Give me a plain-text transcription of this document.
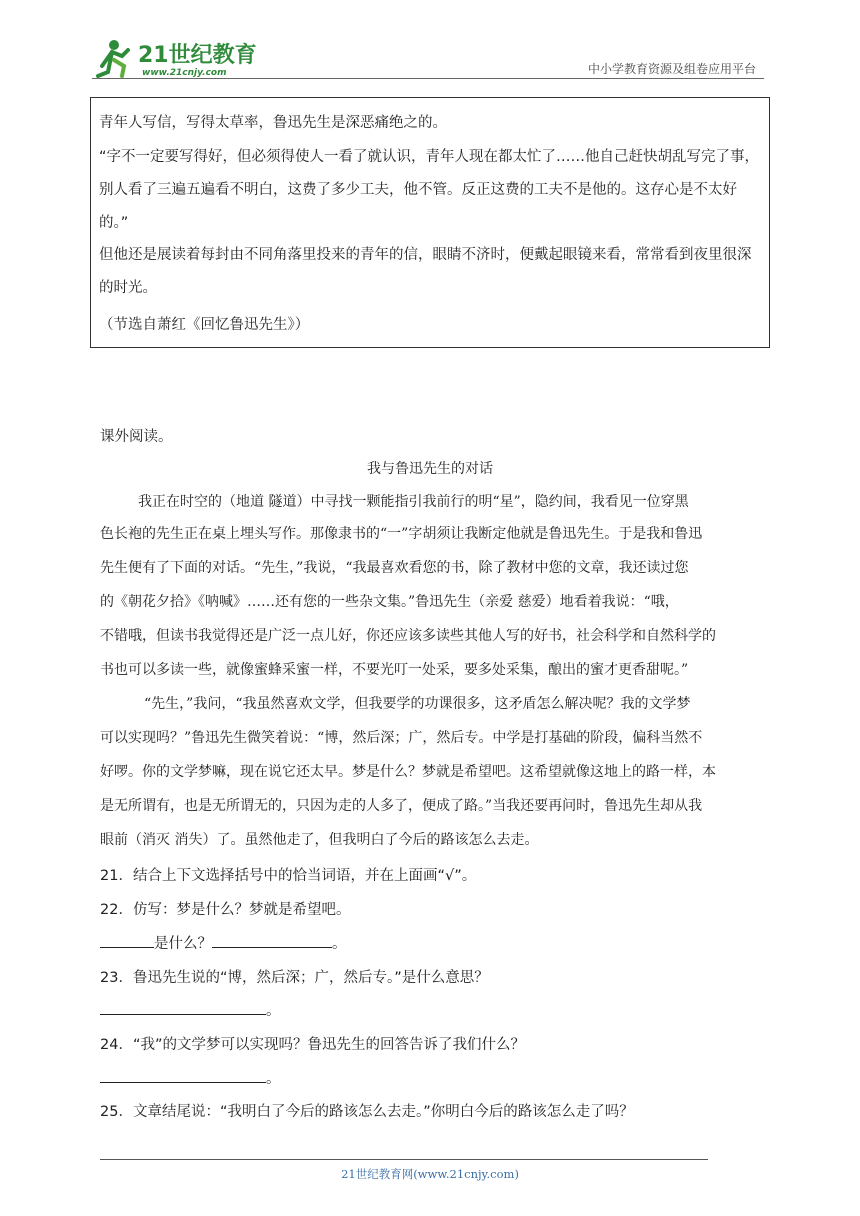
21世纪教育
www.21cnjy.com	中小学教育资源及组卷应用平台

青年人写信，写得太草率，鲁迅先生是深恶痛绝之的。

“字不一定要写得好，但必须得使人一看了就认识，青年人现在都太忙了……他自己赶快胡乱写完了事，别人看了三遍五遍看不明白，这费了多少工夫，他不管。反正这费的工夫不是他的。这存心是不太好的。”

但他还是展读着每封由不同角落里投来的青年的信，眼睛不济时，便戴起眼镜来看，常常看到夜里很深的时光。

（节选自萧红《回忆鲁迅先生》）

课外阅读。
我与鲁迅先生的对话
我正在时空的（地道 隧道）中寻找一颗能指引我前行的明“星”，隐约间，我看见一位穿黑
色长袍的先生正在桌上埋头写作。那像隶书的“一”字胡须让我断定他就是鲁迅先生。于是我和鲁迅
先生便有了下面的对话。“先生，”我说，“我最喜欢看您的书，除了教材中您的文章，我还读过您
的《朝花夕拾》《呐喊》……还有您的一些杂文集。”鲁迅先生（亲爱 慈爱）地看着我说：“哦，
不错哦，但读书我觉得还是广泛一点儿好，你还应该多读些其他人写的好书，社会科学和自然科学的
书也可以多读一些，就像蜜蜂采蜜一样，不要光叮一处采，要多处采集，酿出的蜜才更香甜呢。”
“先生，”我问，“我虽然喜欢文学，但我要学的功课很多，这矛盾怎么解决呢？我的文学梦
可以实现吗？”鲁迅先生微笑着说：“博，然后深；广，然后专。中学是打基础的阶段，偏科当然不
好啰。你的文学梦嘛，现在说它还太早。梦是什么？梦就是希望吧。这希望就像这地上的路一样，本
是无所谓有，也是无所谓无的，只因为走的人多了，便成了路。”当我还要再问时，鲁迅先生却从我
眼前（消灭 消失）了。虽然他走了，但我明白了今后的路该怎么去走。
21．结合上下文选择括号中的恰当词语，并在上面画“√”。
22．仿写：梦是什么？梦就是希望吧。
是什么？	。
23．鲁迅先生说的“博，然后深；广，然后专。”是什么意思？
。
24．“我”的文学梦可以实现吗？鲁迅先生的回答告诉了我们什么？
。
25．文章结尾说：“我明白了今后的路该怎么去走。”你明白今后的路该怎么走了吗？
21世纪教育网(www.21cnjy.com)
